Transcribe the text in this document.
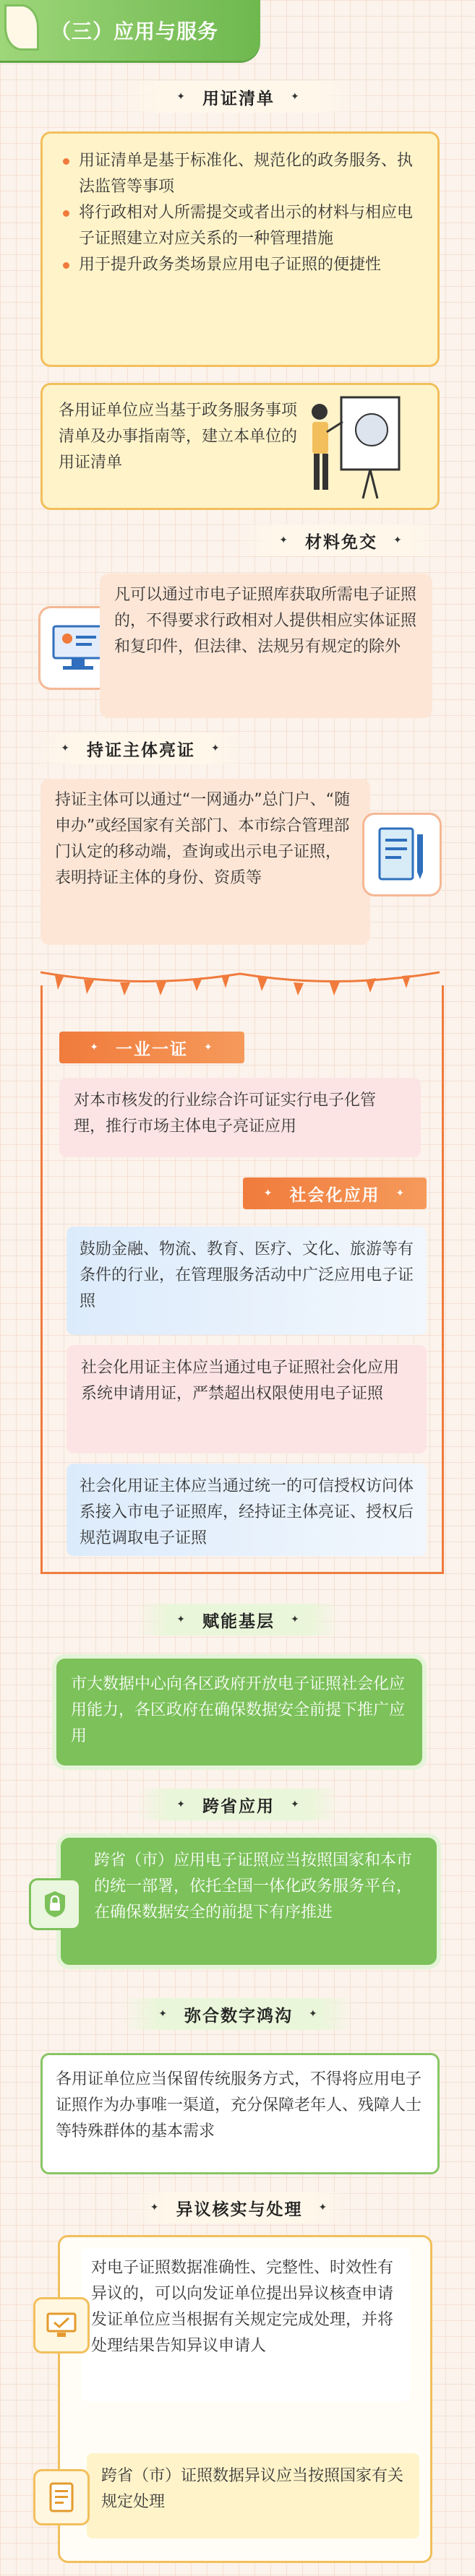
（三）应用与服务
✦ 用证清单 ✦
用证清单是基于标准化、规范化的政务服务、执法监管等事项
将行政相对人所需提交或者出示的材料与相应电子证照建立对应关系的一种管理措施
用于提升政务类场景应用电子证照的便捷性
各用证单位应当基于政务服务事项清单及办事指南等，建立本单位的用证清单
✦ 材料免交 ✦
凡可以通过市电子证照库获取所需电子证照的，不得要求行政相对人提供相应实体证照和复印件，但法律、法规另有规定的除外
✦ 持证主体亮证 ✦
持证主体可以通过“一网通办”总门户、“随申办”或经国家有关部门、本市综合管理部门认定的移动端，查询或出示电子证照，表明持证主体的身份、资质等
✦ 一业一证 ✦
对本市核发的行业综合许可证实行电子化管理，推行市场主体电子亮证应用
✦ 社会化应用 ✦
鼓励金融、物流、教育、医疗、文化、旅游等有条件的行业，在管理服务活动中广泛应用电子证照
社会化用证主体应当通过电子证照社会化应用系统申请用证，严禁超出权限使用电子证照
社会化用证主体应当通过统一的可信授权访问体系接入市电子证照库，经持证主体亮证、授权后规范调取电子证照
✦ 赋能基层 ✦
市大数据中心向各区政府开放电子证照社会化应用能力，各区政府在确保数据安全前提下推广应用
✦ 跨省应用 ✦
跨省（市）应用电子证照应当按照国家和本市的统一部署，依托全国一体化政务服务平台，在确保数据安全的前提下有序推进
✦ 弥合数字鸿沟 ✦
各用证单位应当保留传统服务方式，不得将应用电子证照作为办事唯一渠道，充分保障老年人、残障人士等特殊群体的基本需求
✦ 异议核实与处理 ✦
对电子证照数据准确性、完整性、时效性有异议的，可以向发证单位提出异议核查申请
发证单位应当根据有关规定完成处理，并将处理结果告知异议申请人
跨省（市）证照数据异议应当按照国家有关规定处理
